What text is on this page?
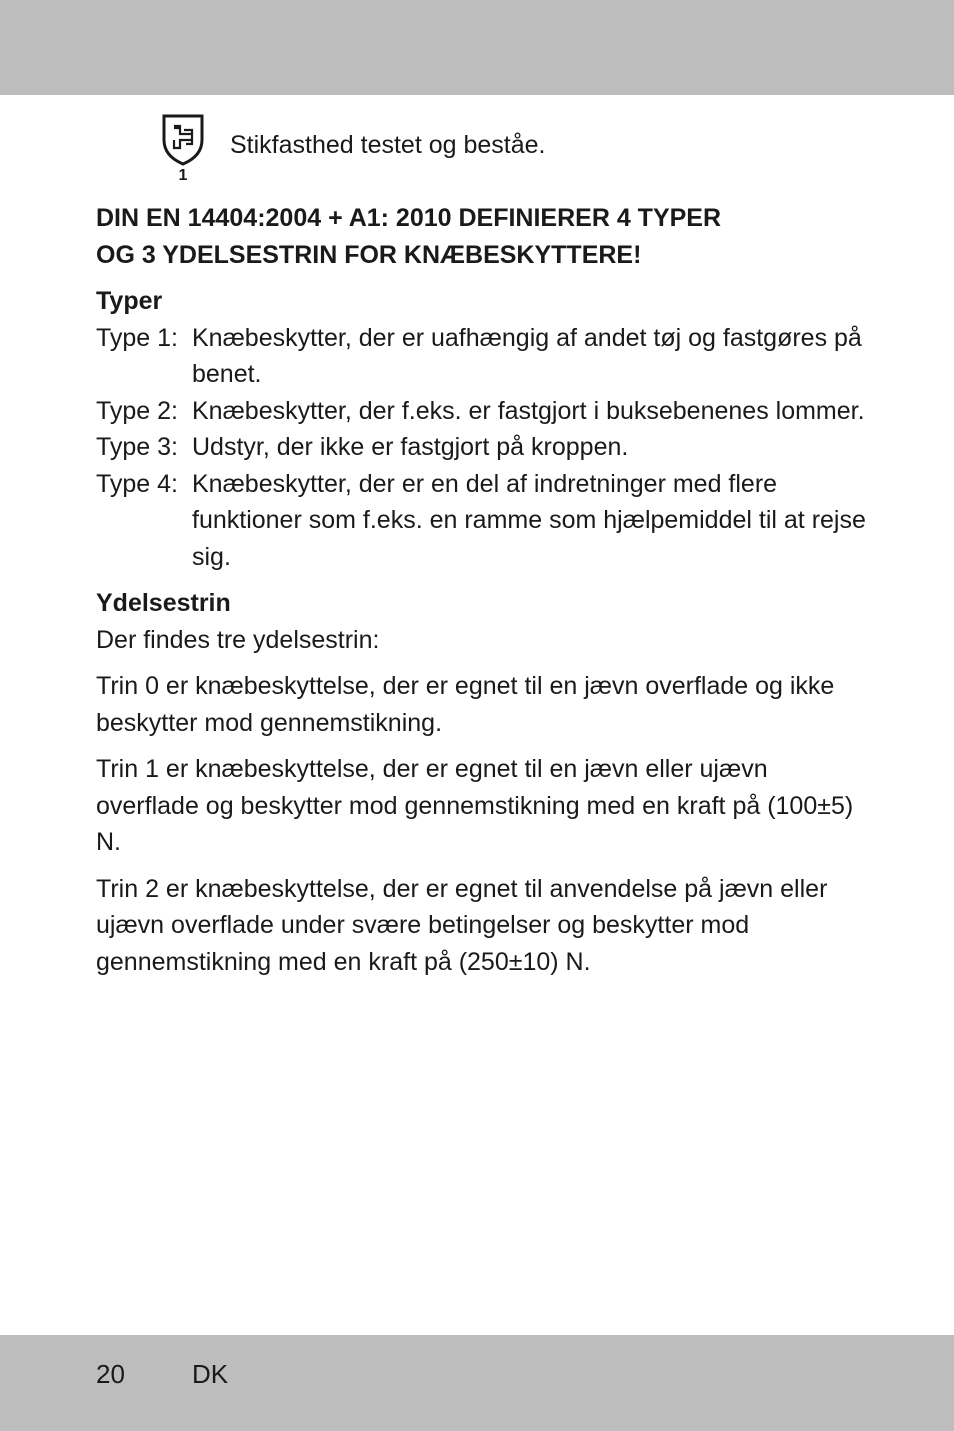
1
Stikfasthed testet og beståe.
DIN EN 14404:2004 + A1: 2010 DEFINIERER 4 TYPER
OG 3 YDELSESTRIN FOR KNÆBESKYTTERE!
Typer
Type 1: Knæbeskytter, der er uafhængig af andet tøj og fastgøres på benet.
Type 2: Knæbeskytter, der f.eks. er fastgjort i buksebenenes lommer.
Type 3: Udstyr, der ikke er fastgjort på kroppen.
Type 4: Knæbeskytter, der er en del af indretninger med flere funktioner som f.eks. en ramme som hjælpemiddel til at rejse sig.
Ydelsestrin

Der findes tre ydelsestrin:

Trin 0 er knæbeskyttelse, der er egnet til en jævn overflade og ikke beskytter mod gennemstikning.

Trin 1 er knæbeskyttelse, der er egnet til en jævn eller ujævn overflade og beskytter mod gennemstikning med en kraft på (100±5) N.

Trin 2 er knæbeskyttelse, der er egnet til anvendelse på jævn eller ujævn overflade under svære betingelser og beskytter mod gennemstikning med en kraft på (250±10) N.

20	DK
